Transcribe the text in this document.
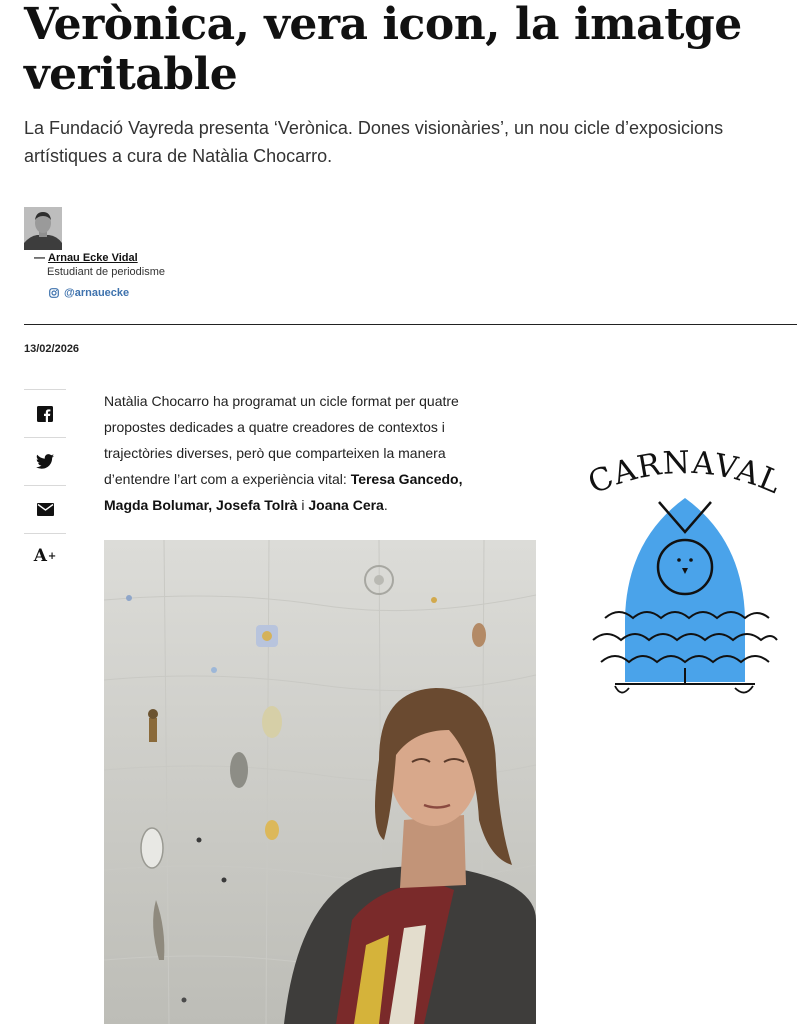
Verònica, vera icon, la imatge veritable

La Fundació Vayreda presenta ‘Verònica. Dones visionàries’, un nou cicle d’exposicions artístiques a cura de Natàlia Chocarro.

— Arnau Ecke Vidal
Estudiant de periodisme
@arnauecke
13/02/2026
A +

Natàlia Chocarro ha programat un cicle format per quatre propostes dedicades a quatre creadores de contextos i trajectòries diverses, però que comparteixen la manera d’entendre l’art com a experiència vital: Teresa Gancedo, Magda Bolumar, Josefa Tolrà i Joana Cera.

CARNAVAL
